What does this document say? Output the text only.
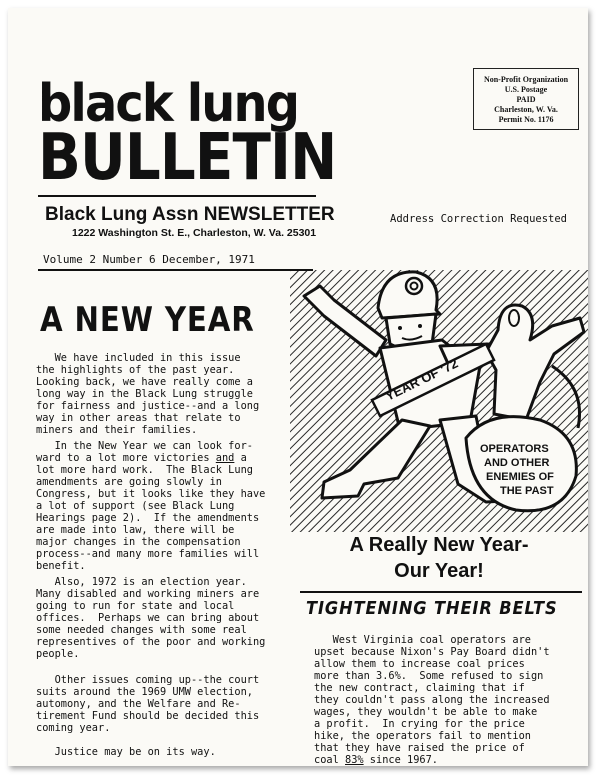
black lung
BULLETIN
Black Lung Assn NEWSLETTER
1222 Washington St. E., Charleston, W. Va. 25301
Volume 2 Number 6 December, 1971
Non-Profit Organization
U.S. Postage
PAID
Charleston, W. Va.
Permit No. 1176
Address Correction Requested
A NEW YEAR
We have included in this issue
the highlights of the past year.
Looking back, we have really come a
long way in the Black Lung struggle
for fairness and justice--and a long
way in other areas that relate to
miners and their families.
In the New Year we can look for-
ward to a lot more victories and a
lot more hard work.  The Black Lung
amendments are going slowly in
Congress, but it looks like they have
a lot of support (see Black Lung
Hearings page 2).  If the amendments
are made into law, there will be
major changes in the compensation
process--and many more families will
benefit.
Also, 1972 is an election year.
Many disabled and working miners are
going to run for state and local
offices.  Perhaps we can bring about
some needed changes with some real
representives of the poor and working
people.
Other issues coming up--the court
suits around the 1969 UMW election,
automony, and the Welfare and Re-
tirement Fund should be decided this
coming year.
Justice may be on its way.
YEAR OF '72
OPERATORS
AND OTHER
ENEMIES OF
THE PAST
A Really New Year-
Our Year!
TIGHTENING THEIR BELTS
West Virginia coal operators are
upset because Nixon's Pay Board didn't
allow them to increase coal prices
more than 3.6%.  Some refused to sign
the new contract, claiming that if
they couldn't pass along the increased
wages, they wouldn't be able to make
a profit.  In crying for the price
hike, the operators fail to mention
that they have raised the price of
coal 83% since 1967.
